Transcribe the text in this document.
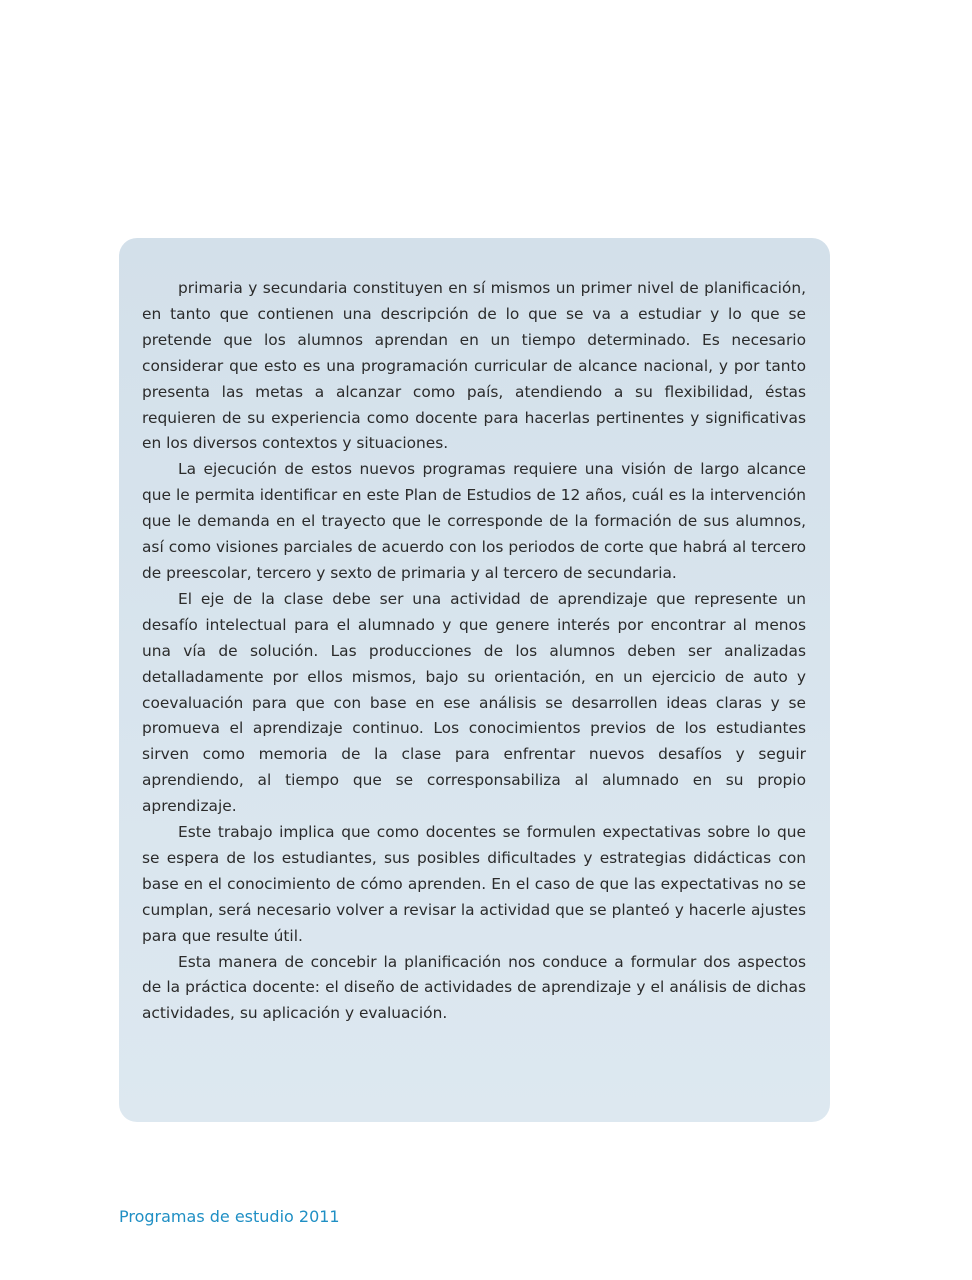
primaria y secundaria constituyen en sí mismos un primer nivel de planificación, en tanto que contienen una descripción de lo que se va a estudiar y lo que se pretende que los alumnos aprendan en un tiempo determinado. Es necesario considerar que esto es una programación curricular de alcance nacional, y por tanto presenta las metas a alcanzar como país, atendiendo a su flexibilidad, éstas requieren de su experiencia como docente para hacerlas pertinentes y significativas en los diversos contextos y situaciones.

La ejecución de estos nuevos programas requiere una visión de largo alcance que le permita identificar en este Plan de Estudios de 12 años, cuál es la intervención que le demanda en el trayecto que le corresponde de la formación de sus alumnos, así como visiones parciales de acuerdo con los periodos de corte que habrá al tercero de preescolar, tercero y sexto de primaria y al tercero de secundaria.

El eje de la clase debe ser una actividad de aprendizaje que represente un desafío intelectual para el alumnado y que genere interés por encontrar al menos una vía de solución. Las producciones de los alumnos deben ser analizadas detalladamente por ellos mismos, bajo su orientación, en un ejercicio de auto y coevaluación para que con base en ese análisis se desarrollen ideas claras y se promueva el aprendizaje continuo. Los conocimientos previos de los estudiantes sirven como memoria de la clase para enfrentar nuevos desafíos y seguir aprendiendo, al tiempo que se corresponsabiliza al alumnado en su propio aprendizaje.

Este trabajo implica que como docentes se formulen expectativas sobre lo que se espera de los estudiantes, sus posibles dificultades y estrategias didácticas con base en el conocimiento de cómo aprenden. En el caso de que las expectativas no se cumplan, será necesario volver a revisar la actividad que se planteó y hacerle ajustes para que resulte útil.

Esta manera de concebir la planificación nos conduce a formular dos aspectos de la práctica docente: el diseño de actividades de aprendizaje y el análisis de dichas actividades, su aplicación y evaluación.

Programas de estudio 2011
